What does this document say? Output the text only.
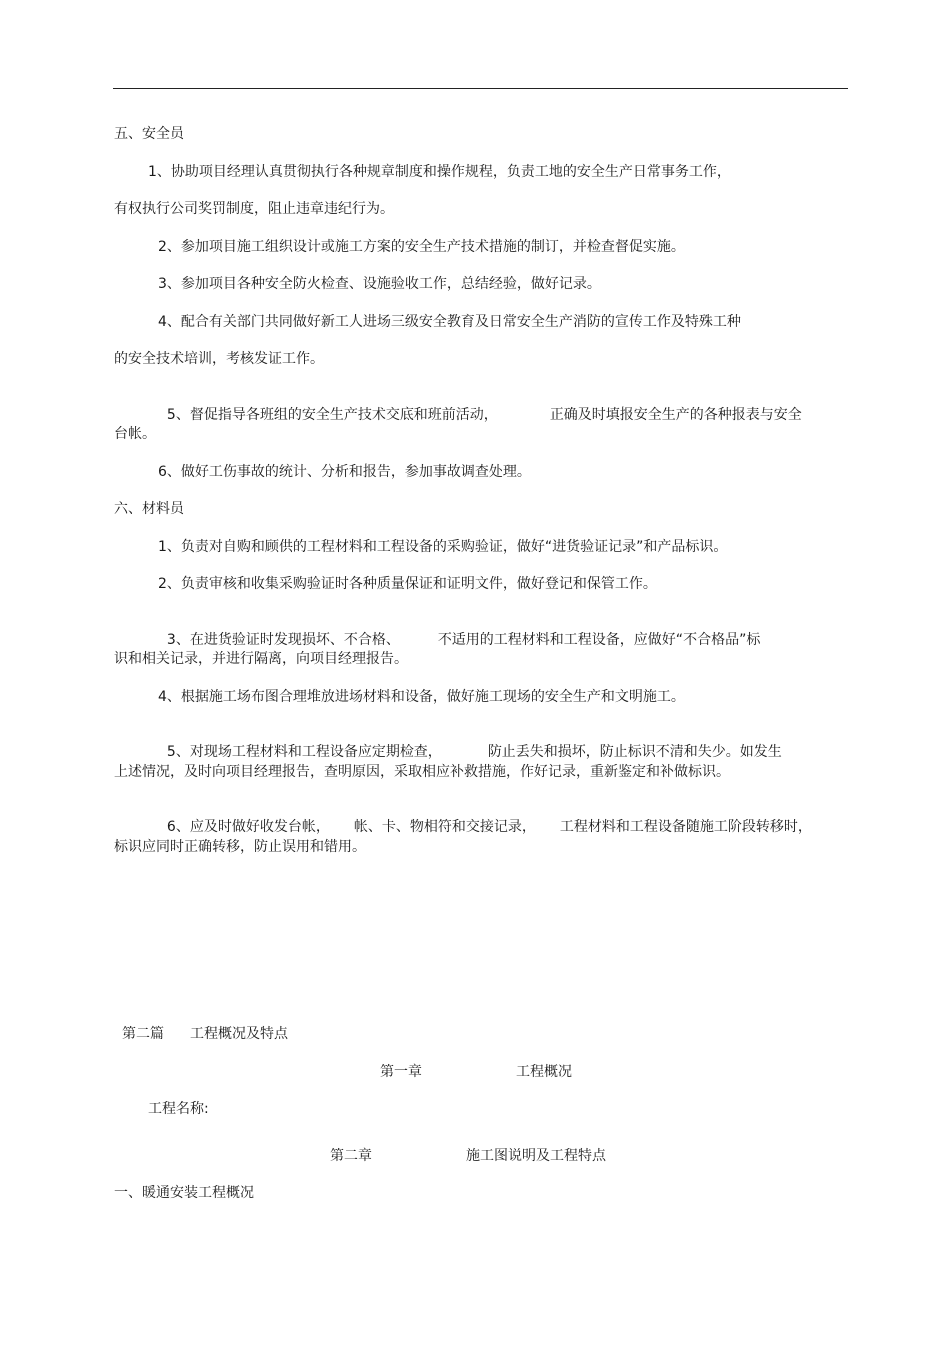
五、安全员
1、协助项目经理认真贯彻执行各种规章制度和操作规程，负责工地的安全生产日常事务工作，
有权执行公司奖罚制度，阻止违章违纪行为。
2、参加项目施工组织设计或施工方案的安全生产技术措施的制订，并检查督促实施。
3、参加项目各种安全防火检查、设施验收工作，总结经验，做好记录。
4、配合有关部门共同做好新工人进场三级安全教育及日常安全生产消防的宣传工作及特殊工种
的安全技术培训，考核发证工作。

5、督促指导各班组的安全生产技术交底和班前活动，	正确及时填报安全生产的各种报表与安全

台帐。
6、做好工伤事故的统计、分析和报告，参加事故调查处理。
六、材料员
1、负责对自购和顾供的工程材料和工程设备的采购验证，做好“进货验证记录”和产品标识。
2、负责审核和收集采购验证时各种质量保证和证明文件，做好登记和保管工作。

3、在进货验证时发现损坏、不合格、	不适用的工程材料和工程设备，应做好“不合格品”标

识和相关记录，并进行隔离，向项目经理报告。
4、根据施工场布图合理堆放进场材料和设备，做好施工现场的安全生产和文明施工。

5、对现场工程材料和工程设备应定期检查，	防止丢失和损坏，防止标识不清和失少。如发生

上述情况，及时向项目经理报告，查明原因，采取相应补救措施，作好记录，重新鉴定和补做标识。

6、应及时做好收发台帐， 帐、卡、物相符和交接记录， 工程材料和工程设备随施工阶段转移时，

标识应同时正确转移，防止误用和错用。
第二篇 工程概况及特点
第一章	工程概况
工程名称:
第二章	施工图说明及工程特点
一、暖通安装工程概况
